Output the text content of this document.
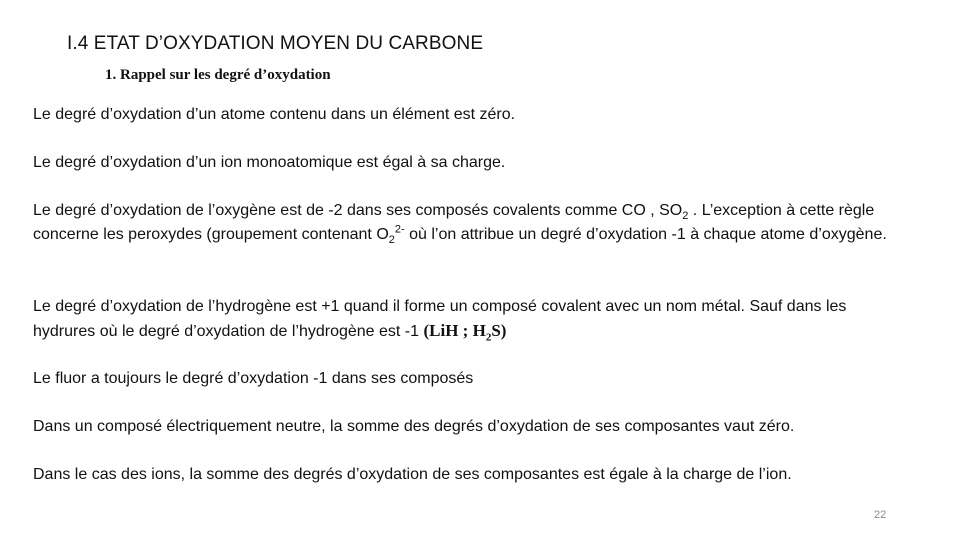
I.4 ETAT D’OXYDATION MOYEN DU CARBONE
1. Rappel sur les degré d’oxydation

Le degré d’oxydation d’un atome contenu dans un élément est zéro.

Le degré d’oxydation d’un ion monoatomique est égal à sa charge.

Le degré d’oxydation de l’oxygène est de -2 dans ses composés covalents comme CO , $SO_2$ . L’exception à cette règle concerne les peroxydes (groupement contenant $O_2^{2-}$ où l’on attribue un degré d’oxydation -1 à chaque atome d’oxygène.

Le degré d’oxydation de l’hydrogène est +1 quand il forme un composé covalent avec un nom métal. Sauf dans les hydrures où le degré d’oxydation de l’hydrogène est -1 (LiH ; $H_2S$)

Le fluor a toujours le degré d’oxydation -1 dans ses composés

Dans un composé électriquement neutre, la somme des degrés d’oxydation de ses composantes vaut zéro.

Dans le cas des ions, la somme des degrés d’oxydation de ses composantes est égale à la charge de l’ion.

22
